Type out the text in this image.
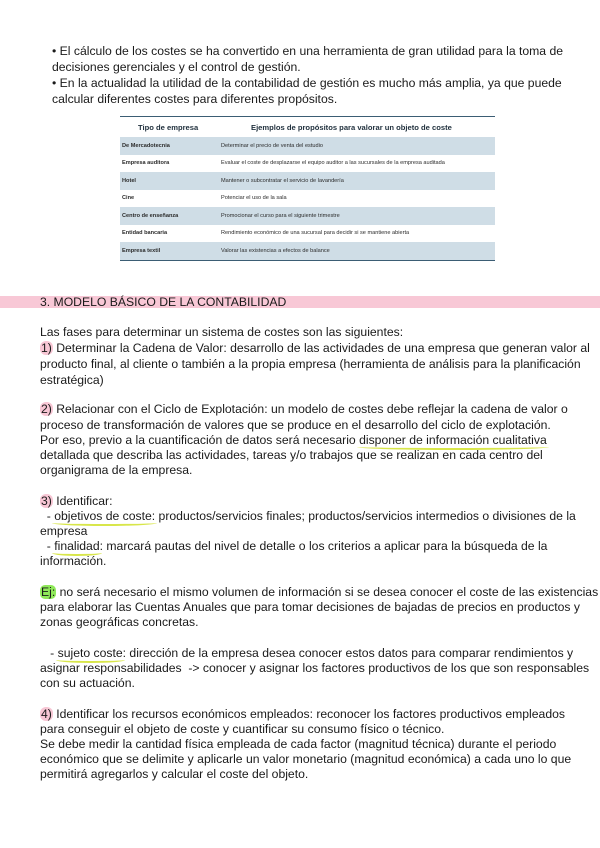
• El cálculo de los costes se ha convertido en una herramienta de gran utilidad para la toma de
decisiones gerenciales y el control de gestión.
• En la actualidad la utilidad de la contabilidad de gestión es mucho más amplia, ya que puede
calcular diferentes costes para diferentes propósitos.
Tipo de empresa	Ejemplos de propósitos para valorar un objeto de coste
De Mercadotecnia	Determinar el precio de venta del estudio
Empresa auditora	Evaluar el coste de desplazarse el equipo auditor a las sucursales de la empresa auditada
Hotel	Mantener o subcontratar el servicio de lavandería
Cine	Potenciar el uso de la sala
Centro de enseñanza	Promocionar el curso para el siguiente trimestre
Entidad bancaria	Rendimiento económico de una sucursal para decidir si se mantiene abierta
Empresa textil	Valorar las existencias a efectos de balance
3. MODELO BÁSICO DE LA CONTABILIDAD
Las fases para determinar un sistema de costes son las siguientes:
1) Determinar la Cadena de Valor: desarrollo de las actividades de una empresa que generan valor al
producto final, al cliente o también a la propia empresa (herramienta de análisis para la planificación
estratégica)
2) Relacionar con el Ciclo de Explotación: un modelo de costes debe reflejar la cadena de valor o
proceso de transformación de valores que se produce en el desarrollo del ciclo de explotación.
Por eso, previo a la cuantificación de datos será necesario disponer de información cualitativa
detallada que describa las actividades, tareas y/o trabajos que se realizan en cada centro del
organigrama de la empresa.
3) Identificar:
- objetivos de coste: productos/servicios finales; productos/servicios intermedios o divisiones de la
empresa
- finalidad: marcará pautas del nivel de detalle o los criterios a aplicar para la búsqueda de la
información.
Ej: no será necesario el mismo volumen de información si se desea conocer el coste de las existencias
para elaborar las Cuentas Anuales que para tomar decisiones de bajadas de precios en productos y
zonas geográficas concretas.
- sujeto coste: dirección de la empresa desea conocer estos datos para comparar rendimientos y
asignar responsabilidades  -> conocer y asignar los factores productivos de los que son responsables
con su actuación.
4) Identificar los recursos económicos empleados: reconocer los factores productivos empleados
para conseguir el objeto de coste y cuantificar su consumo físico o técnico.
Se debe medir la cantidad física empleada de cada factor (magnitud técnica) durante el periodo
económico que se delimite y aplicarle un valor monetario (magnitud económica) a cada uno lo que
permitirá agregarlos y calcular el coste del objeto.
